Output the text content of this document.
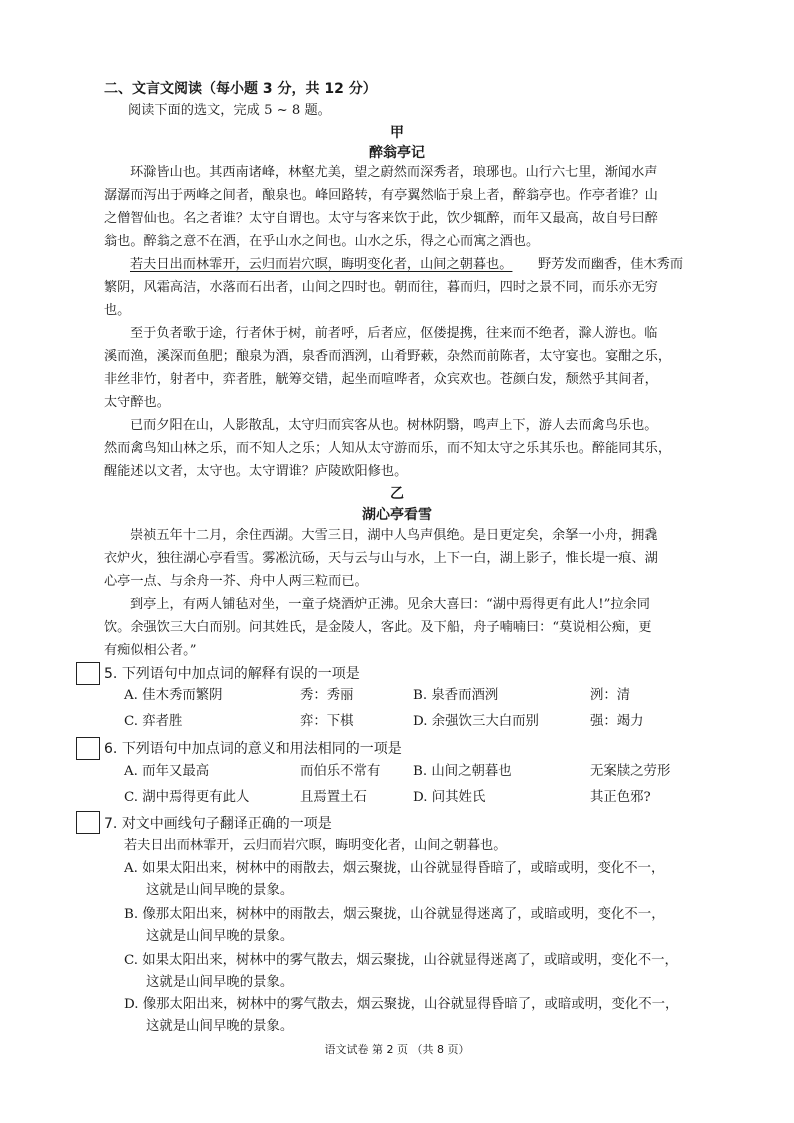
二、文言文阅读（每小题 3 分，共 12 分）
阅读下面的选文，完成 5 ~ 8 题。
甲
醉翁亭记
环滁皆山也。其西南诸峰，林壑尤美，望之蔚然而深秀者，琅琊也。山行六七里，渐闻水声
潺潺而泻出于两峰之间者，酿泉也。峰回路转，有亭翼然临于泉上者，醉翁亭也。作亭者谁？山
之僧智仙也。名之者谁？太守自谓也。太守与客来饮于此，饮少辄醉，而年又最高，故自号曰醉
翁也。醉翁之意不在酒，在乎山水之间也。山水之乐，得之心而寓之酒也。
若夫日出而林霏开，云归而岩穴暝，晦明变化者，山间之朝暮也。 野芳发而幽香，佳木秀而
繁阴，风霜高洁，水落而石出者，山间之四时也。朝而往，暮而归，四时之景不同，而乐亦无穷
也。
至于负者歌于途，行者休于树，前者呼，后者应，伛偻提携，往来而不绝者，滁人游也。临
溪而渔，溪深而鱼肥；酿泉为酒，泉香而酒洌，山肴野蔌，杂然而前陈者，太守宴也。宴酣之乐，
非丝非竹，射者中，弈者胜，觥筹交错，起坐而喧哗者，众宾欢也。苍颜白发，颓然乎其间者，
太守醉也。
已而夕阳在山，人影散乱，太守归而宾客从也。树林阴翳，鸣声上下，游人去而禽鸟乐也。
然而禽鸟知山林之乐，而不知人之乐；人知从太守游而乐，而不知太守之乐其乐也。醉能同其乐，
醒能述以文者，太守也。太守谓谁？庐陵欧阳修也。
乙
湖心亭看雪
崇祯五年十二月，余住西湖。大雪三日，湖中人鸟声俱绝。是日更定矣，余拏一小舟，拥毳
衣炉火，独往湖心亭看雪。雾凇沆砀，天与云与山与水，上下一白，湖上影子，惟长堤一痕、湖
心亭一点、与余舟一芥、舟中人两三粒而已。
到亭上，有两人铺毡对坐，一童子烧酒炉正沸。见余大喜曰：“湖中焉得更有此人!”拉余同
饮。余强饮三大白而别。问其姓氏，是金陵人，客此。及下船，舟子喃喃曰：“莫说相公痴，更
有痴似相公者。”
5. 下列语句中加点词的解释有误的一项是
A. 佳木秀而繁阴	秀：秀丽	B. 泉香而酒洌	洌：清
C. 弈者胜	弈：下棋	D. 余强饮三大白而别	强：竭力
6. 下列语句中加点词的意义和用法相同的一项是
A. 而年又最高	而伯乐不常有 B. 山间之朝暮也	无案牍之劳形
C. 湖中焉得更有此人	且焉置土石	D. 问其姓氏	其正色邪?
7. 对文中画线句子翻译正确的一项是
若夫日出而林霏开，云归而岩穴暝，晦明变化者，山间之朝暮也。
A. 如果太阳出来，树林中的雨散去，烟云聚拢，山谷就显得昏暗了，或暗或明，变化不一，
这就是山间早晚的景象。
B. 像那太阳出来，树林中的雨散去，烟云聚拢，山谷就显得迷离了，或暗或明，变化不一，
这就是山间早晚的景象。
C. 如果太阳出来，树林中的雾气散去，烟云聚拢，山谷就显得迷离了，或暗或明，变化不一，
这就是山间早晚的景象。
D. 像那太阳出来，树林中的雾气散去，烟云聚拢，山谷就显得昏暗了，或暗或明，变化不一，
这就是山间早晚的景象。
语文试卷 第 2 页 （共 8 页）
